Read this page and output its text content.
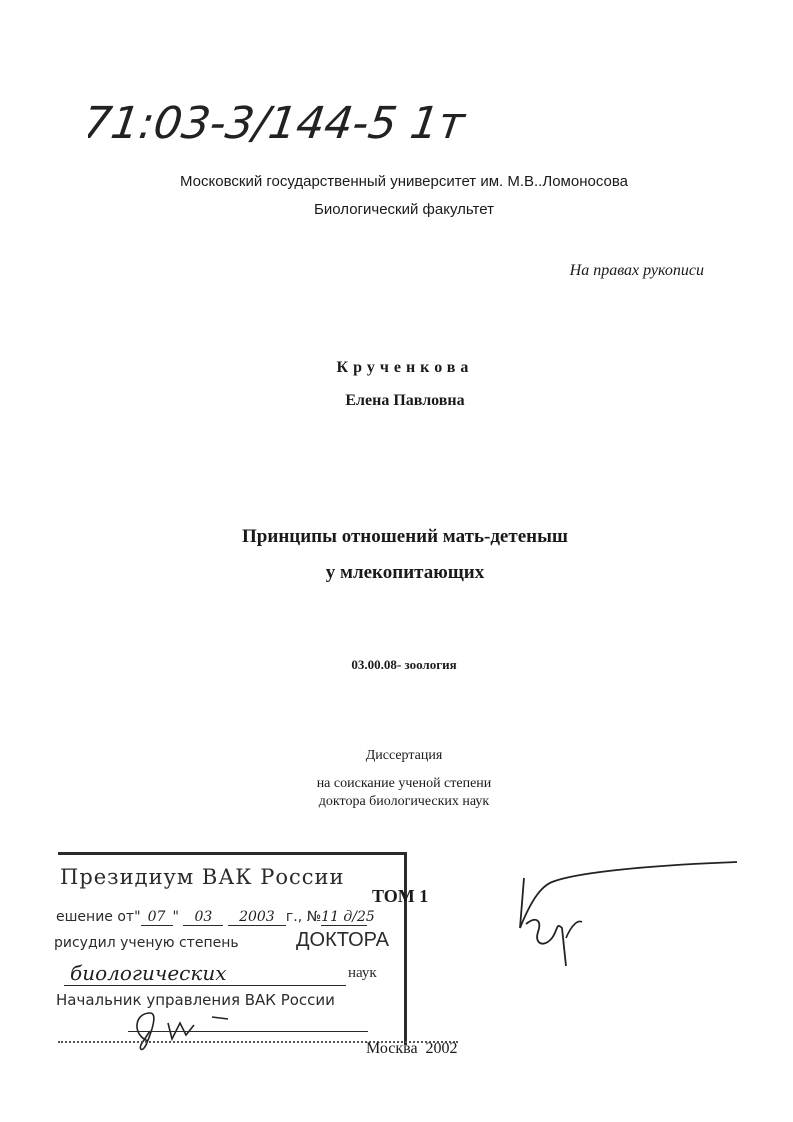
71:03-3/144-5 1т
Московский государственный университет им. М.В..Ломоносова
Биологический факультет
На правах рукописи
Кручeнкова
Елена Павловна
Принципы отношений мать-детеныш
у млекопитающих
03.00.08- зоология
Диссертация
на соискание ученой степени
доктора биологических наук
Президиум ВАК России
ешение от" 07 " 03 2003 г., №11 д/25
рисудил ученую степень	ДОКТОРА
биологических	наук
Начальник управления ВАК России
ТОМ 1
Москва  2002
